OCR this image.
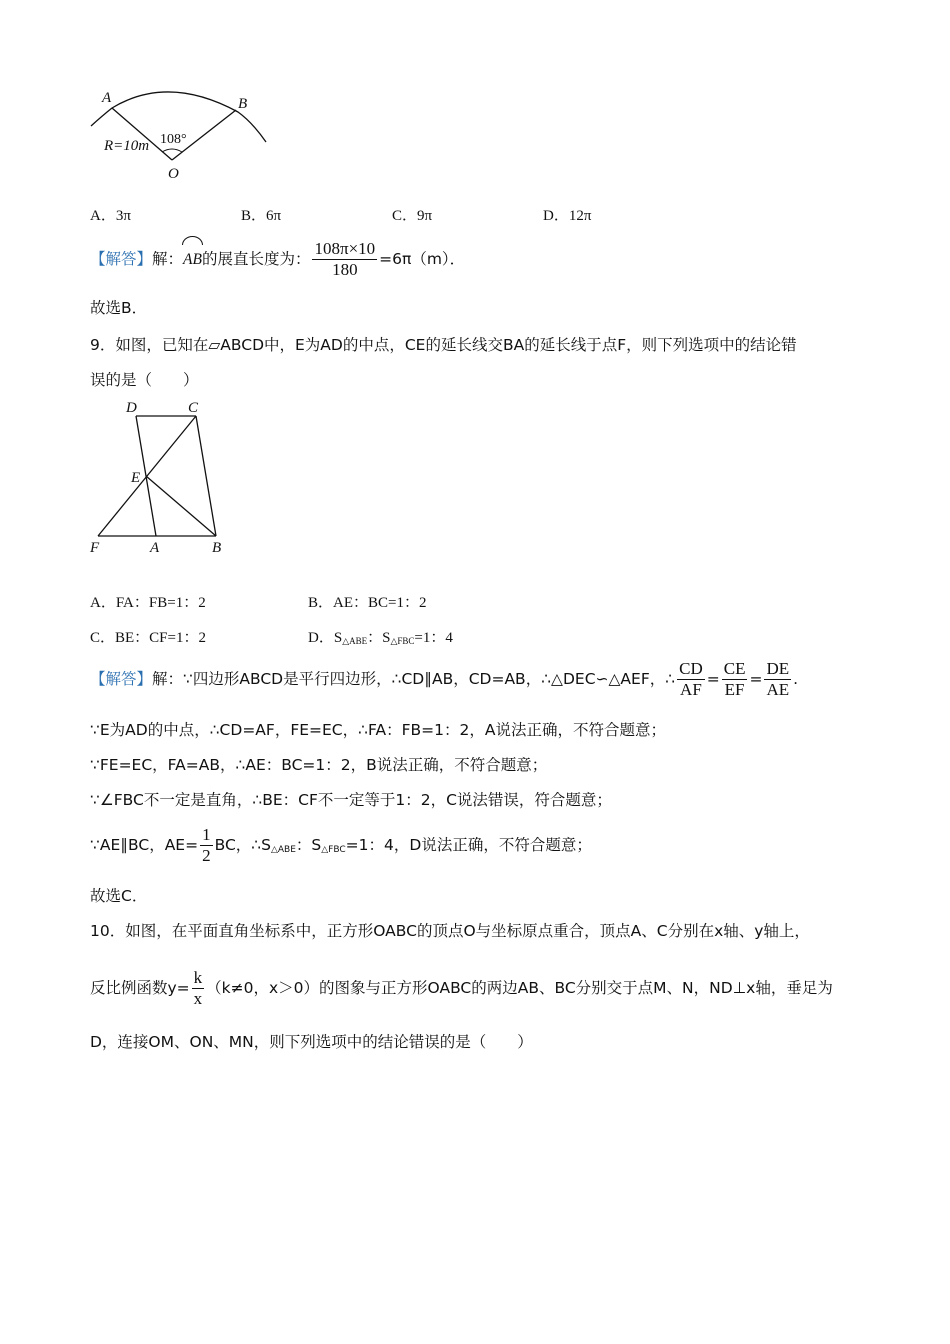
A	B
R=10m 108°
O
A．3π	B．6π	C．9π	D．12π
【解答】解：AB的展直长度为： $\frac{108\pi\times 10}{180} =6\pi(m)$．
故选B．
9．如图，已知在▱ABCD中，E为AD的中点，CE的延长线交BA的延长线于点F，则下列选项中的结论错
误的是（　　）
D	C
E
F	A	B
A．FA：FB=1：2	B．AE：BC=1：2
C．BE：CF=1：2	D．$S_{\triangle ABE}$：$S_{\triangle FBC}=1$：4
【解答】解：∵四边形ABCD是平行四边形，∴CD∥AB，CD=AB，∴△DEC∽△AEF，∴ $\frac{CD}{AF} = \frac{CE}{EF} = \frac{DE}{AE}$ .
∵E为AD的中点，∴CD=AF，FE=EC，∴FA：FB=1：2，A说法正确，不符合题意；
∵FE=EC，FA=AB，∴AE：BC=1：2，B说法正确，不符合题意；
∵∠FBC不一定是直角，∴BE：CF不一定等于1：2，C说法错误，符合题意；
∵AE∥BC，$AE= \frac{1}{2}$ BC，$\therefore S_{\triangle ABE}$：$S_{\triangle FBC}=1$：4，D说法正确，不符合题意；
故选C．
10．如图，在平面直角坐标系中，正方形OABC的顶点O与坐标原点重合，顶点A、C分别在x轴、y轴上，
反比例函数$y= \frac{k}{x} (k\ne 0$，x＞0）的图象与正方形OABC的两边AB、BC分别交于点M、N，ND⊥x轴，垂足为
D，连接OM、ON、MN，则下列选项中的结论错误的是（　　）
